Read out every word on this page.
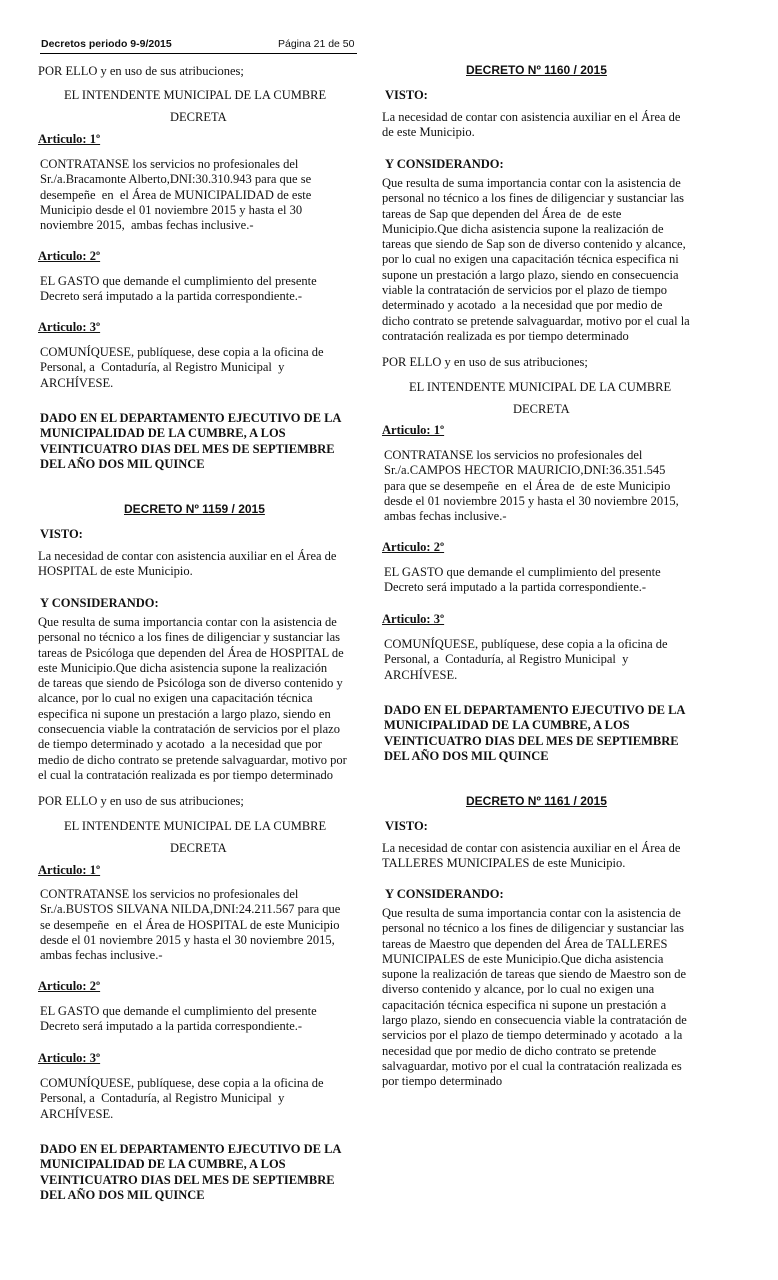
Decretos periodo 9-9/2015	Página 21 de 50
POR ELLO y en uso de sus atribuciones;
EL INTENDENTE MUNICIPAL DE LA CUMBRE
DECRETA
Articulo: 1º
CONTRATANSE los servicios no profesionales del
Sr./a.Bracamonte Alberto,DNI:30.310.943 para que se
desempeñe  en  el Área de MUNICIPALIDAD de este
Municipio desde el 01 noviembre 2015 y hasta el 30
noviembre 2015,  ambas fechas inclusive.-
Articulo: 2º
EL GASTO que demande el cumplimiento del presente
Decreto será imputado a la partida correspondiente.-
Articulo: 3º
COMUNÍQUESE, publíquese, dese copia a la oficina de
Personal, a  Contaduría, al Registro Municipal  y
ARCHÍVESE.
DADO EN EL DEPARTAMENTO EJECUTIVO DE LA
MUNICIPALIDAD DE LA CUMBRE, A LOS
VEINTICUATRO DIAS DEL MES DE SEPTIEMBRE
DEL AÑO DOS MIL QUINCE
DECRETO Nº 1159 / 2015
VISTO:
La necesidad de contar con asistencia auxiliar en el Área de
HOSPITAL de este Municipio.
Y CONSIDERANDO:
Que resulta de suma importancia contar con la asistencia de
personal no técnico a los fines de diligenciar y sustanciar las
tareas de Psicóloga que dependen del Área de HOSPITAL de
este Municipio.Que dicha asistencia supone la realización
de tareas que siendo de Psicóloga son de diverso contenido y
alcance, por lo cual no exigen una capacitación técnica
especifica ni supone un prestación a largo plazo, siendo en
consecuencia viable la contratación de servicios por el plazo
de tiempo determinado y acotado  a la necesidad que por
medio de dicho contrato se pretende salvaguardar, motivo por
el cual la contratación realizada es por tiempo determinado
POR ELLO y en uso de sus atribuciones;
EL INTENDENTE MUNICIPAL DE LA CUMBRE
DECRETA
Articulo: 1º
CONTRATANSE los servicios no profesionales del
Sr./a.BUSTOS SILVANA NILDA,DNI:24.211.567 para que
se desempeñe  en  el Área de HOSPITAL de este Municipio
desde el 01 noviembre 2015 y hasta el 30 noviembre 2015,
ambas fechas inclusive.-
Articulo: 2º
EL GASTO que demande el cumplimiento del presente
Decreto será imputado a la partida correspondiente.-
Articulo: 3º
COMUNÍQUESE, publíquese, dese copia a la oficina de
Personal, a  Contaduría, al Registro Municipal  y
ARCHÍVESE.
DADO EN EL DEPARTAMENTO EJECUTIVO DE LA
MUNICIPALIDAD DE LA CUMBRE, A LOS
VEINTICUATRO DIAS DEL MES DE SEPTIEMBRE
DEL AÑO DOS MIL QUINCE
DECRETO Nº 1160 / 2015
VISTO:
La necesidad de contar con asistencia auxiliar en el Área de
de este Municipio.
Y CONSIDERANDO:
Que resulta de suma importancia contar con la asistencia de
personal no técnico a los fines de diligenciar y sustanciar las
tareas de Sap que dependen del Área de  de este
Municipio.Que dicha asistencia supone la realización de
tareas que siendo de Sap son de diverso contenido y alcance,
por lo cual no exigen una capacitación técnica especifica ni
supone un prestación a largo plazo, siendo en consecuencia
viable la contratación de servicios por el plazo de tiempo
determinado y acotado  a la necesidad que por medio de
dicho contrato se pretende salvaguardar, motivo por el cual la
contratación realizada es por tiempo determinado
POR ELLO y en uso de sus atribuciones;
EL INTENDENTE MUNICIPAL DE LA CUMBRE
DECRETA
Articulo: 1º
CONTRATANSE los servicios no profesionales del
Sr./a.CAMPOS HECTOR MAURICIO,DNI:36.351.545
para que se desempeñe  en  el Área de  de este Municipio
desde el 01 noviembre 2015 y hasta el 30 noviembre 2015,
ambas fechas inclusive.-
Articulo: 2º
EL GASTO que demande el cumplimiento del presente
Decreto será imputado a la partida correspondiente.-
Articulo: 3º
COMUNÍQUESE, publíquese, dese copia a la oficina de
Personal, a  Contaduría, al Registro Municipal  y
ARCHÍVESE.
DADO EN EL DEPARTAMENTO EJECUTIVO DE LA
MUNICIPALIDAD DE LA CUMBRE, A LOS
VEINTICUATRO DIAS DEL MES DE SEPTIEMBRE
DEL AÑO DOS MIL QUINCE
DECRETO Nº 1161 / 2015
VISTO:
La necesidad de contar con asistencia auxiliar en el Área de
TALLERES MUNICIPALES de este Municipio.
Y CONSIDERANDO:
Que resulta de suma importancia contar con la asistencia de
personal no técnico a los fines de diligenciar y sustanciar las
tareas de Maestro que dependen del Área de TALLERES
MUNICIPALES de este Municipio.Que dicha asistencia
supone la realización de tareas que siendo de Maestro son de
diverso contenido y alcance, por lo cual no exigen una
capacitación técnica especifica ni supone un prestación a
largo plazo, siendo en consecuencia viable la contratación de
servicios por el plazo de tiempo determinado y acotado  a la
necesidad que por medio de dicho contrato se pretende
salvaguardar, motivo por el cual la contratación realizada es
por tiempo determinado
